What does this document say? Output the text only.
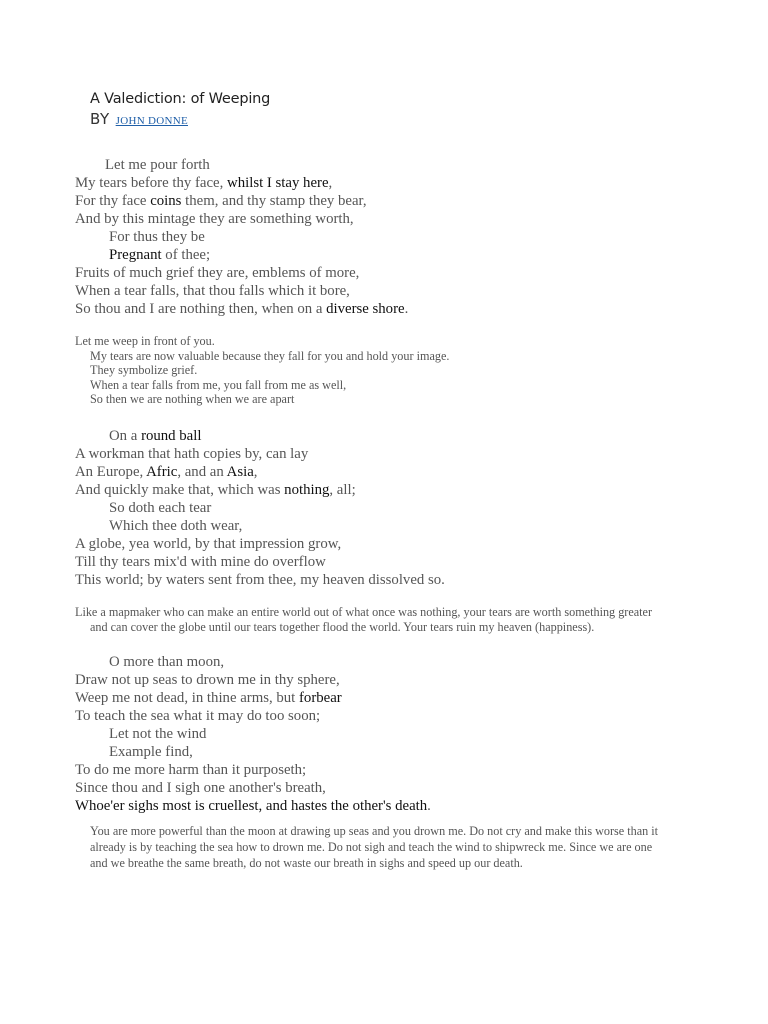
A Valediction: of Weeping
BY JOHN DONNE
Let me pour forth
My tears before thy face, whilst I stay here,
For thy face coins them, and thy stamp they bear,
And by this mintage they are something worth,
For thus they be
Pregnant of thee;
Fruits of much grief they are, emblems of more,
When a tear falls, that thou falls which it bore,
So thou and I are nothing then, when on a diverse shore.
Let me weep in front of you.
My tears are now valuable because they fall for you and hold your image.
They symbolize grief.
When a tear falls from me, you fall from me as well,
So then we are nothing when we are apart
On a round ball
A workman that hath copies by, can lay
An Europe, Afric, and an Asia,
And quickly make that, which was nothing, all;
So doth each tear
Which thee doth wear,
A globe, yea world, by that impression grow,
Till thy tears mix'd with mine do overflow
This world; by waters sent from thee, my heaven dissolved so.
Like a mapmaker who can make an entire world out of what once was nothing, your tears are worth something greater
and can cover the globe until our tears together flood the world. Your tears ruin my heaven (happiness).
O more than moon,
Draw not up seas to drown me in thy sphere,
Weep me not dead, in thine arms, but forbear
To teach the sea what it may do too soon;
Let not the wind
Example find,
To do me more harm than it purposeth;
Since thou and I sigh one another's breath,
Whoe'er sighs most is cruellest, and hastes the other's death.
You are more powerful than the moon at drawing up seas and you drown me. Do not cry and make this worse than it
already is by teaching the sea how to drown me. Do not sigh and teach the wind to shipwreck me. Since we are one
and we breathe the same breath, do not waste our breath in sighs and speed up our death.
